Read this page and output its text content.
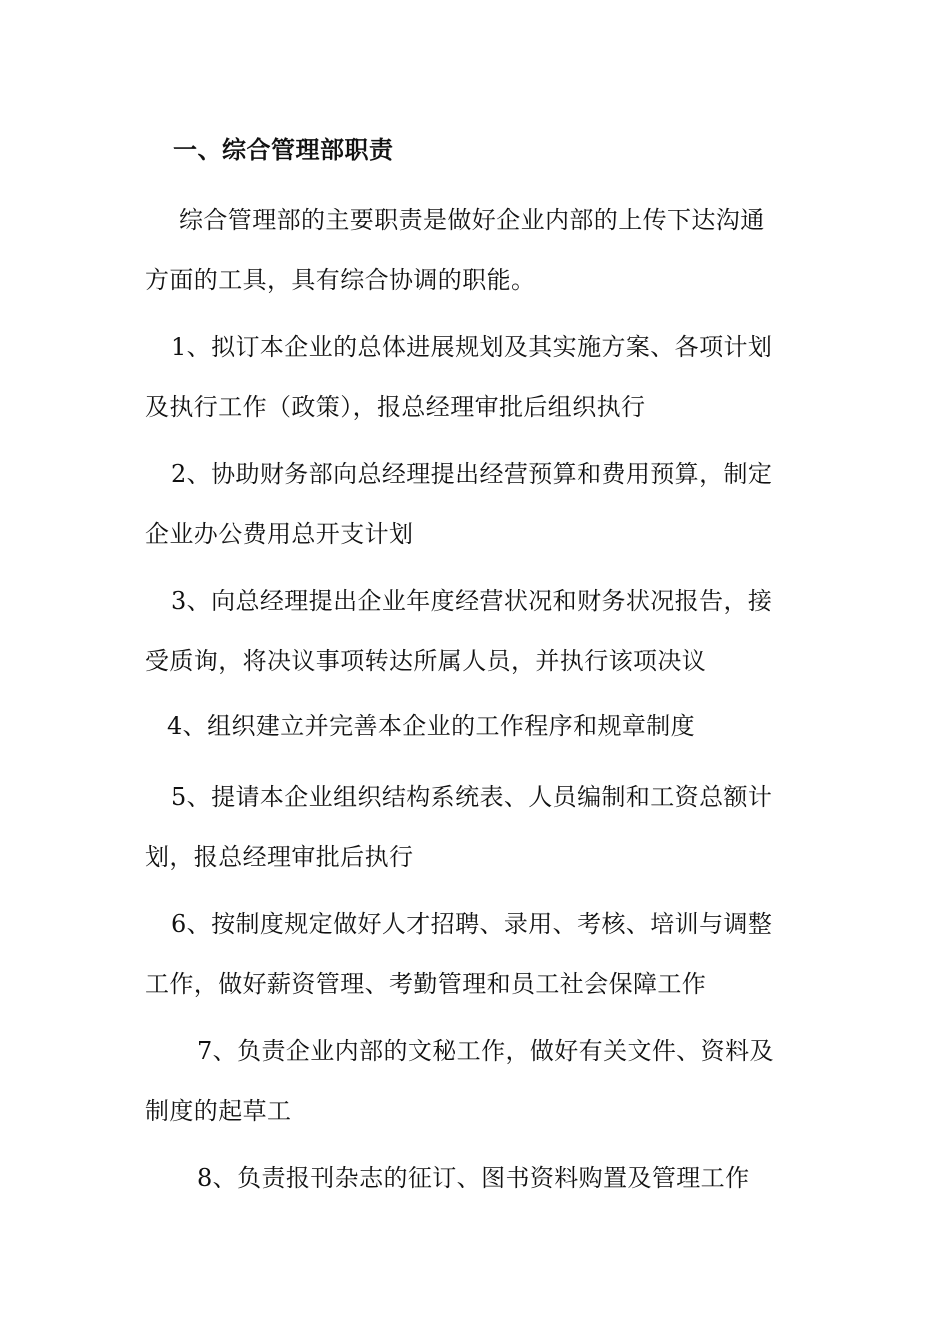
一、综合管理部职责
综合管理部的主要职责是做好企业内部的上传下达沟通
方面的工具，具有综合协调的职能。
1、拟订本企业的总体进展规划及其实施方案、各项计划
及执行工作（政策），报总经理审批后组织执行
2、协助财务部向总经理提出经营预算和费用预算，制定
企业办公费用总开支计划
3、向总经理提出企业年度经营状况和财务状况报告，接
受质询，将决议事项转达所属人员，并执行该项决议
4、组织建立并完善本企业的工作程序和规章制度
5、提请本企业组织结构系统表、人员编制和工资总额计
划，报总经理审批后执行
6、按制度规定做好人才招聘、录用、考核、培训与调整
工作，做好薪资管理、考勤管理和员工社会保障工作
7、负责企业内部的文秘工作，做好有关文件、资料及
制度的起草工
8、负责报刊杂志的征订、图书资料购置及管理工作
